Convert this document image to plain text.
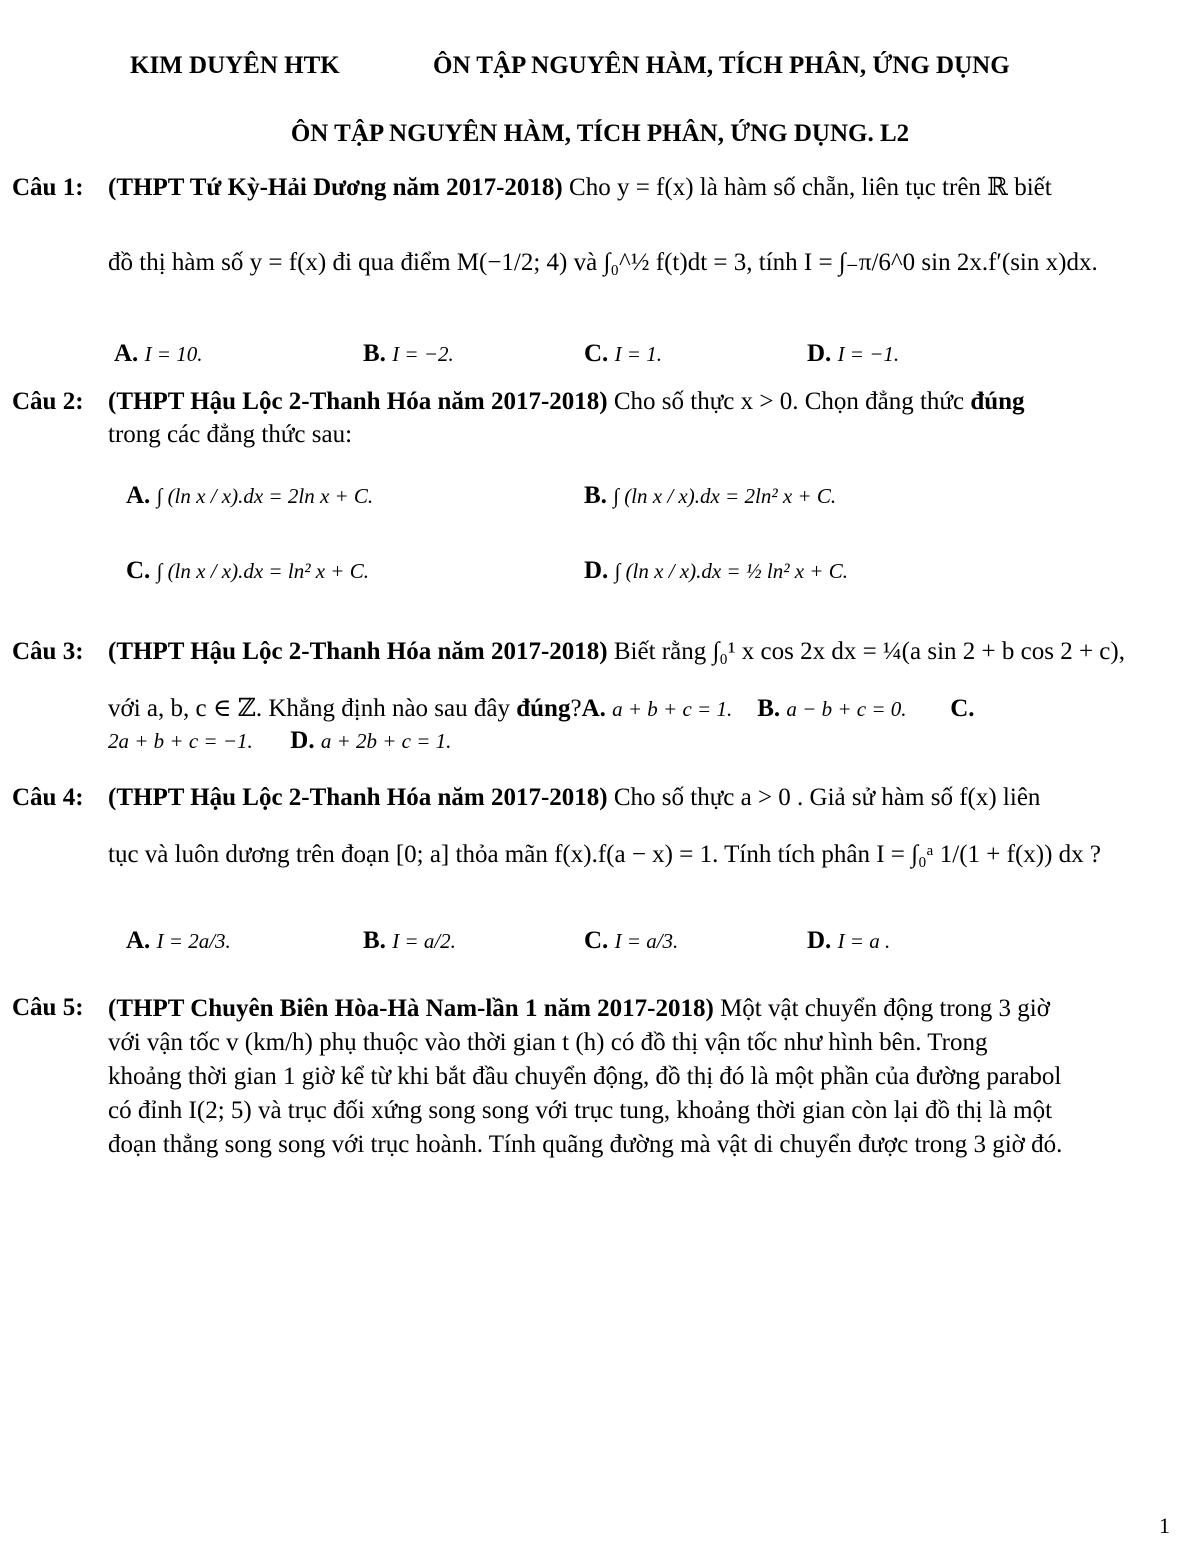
KIM DUYÊN HTK	ÔN TẬP NGUYÊN HÀM, TÍCH PHÂN, ỨNG DỤNG
ÔN TẬP NGUYÊN HÀM, TÍCH PHÂN, ỨNG DỤNG. L2
Câu 1: (THPT Tứ Kỳ-Hải Dương năm 2017-2018) Cho y = f(x) là hàm số chẵn, liên tục trên ℝ biết
đồ thị hàm số y = f(x) đi qua điểm M(−1/2; 4) và ∫₀^½ f(t)dt = 3, tính I = ∫₋π/6^0 sin 2x.f′(sin x)dx.
A. I = 10.	B. I = −2.	C. I = 1.	D. I = −1.
Câu 2: (THPT Hậu Lộc 2-Thanh Hóa năm 2017-2018) Cho số thực x > 0. Chọn đẳng thức đúng
trong các đẳng thức sau:
A. ∫ (ln x / x).dx = 2ln x + C.	B. ∫ (ln x / x).dx = 2ln² x + C.
C. ∫ (ln x / x).dx = ln² x + C.	D. ∫ (ln x / x).dx = ½ ln² x + C.
Câu 3: (THPT Hậu Lộc 2-Thanh Hóa năm 2017-2018) Biết rằng ∫₀¹ x cos 2x dx = ¼(a sin 2 + b cos 2 + c),
với a, b, c ∈ ℤ. Khẳng định nào sau đây đúng?A. a + b + c = 1. B. a − b + c = 0. C.
2a + b + c = −1. D. a + 2b + c = 1.
Câu 4: (THPT Hậu Lộc 2-Thanh Hóa năm 2017-2018) Cho số thực a > 0 . Giả sử hàm số f(x) liên
tục và luôn dương trên đoạn [0; a] thỏa mãn f(x).f(a − x) = 1. Tính tích phân I = ∫₀ᵃ 1/(1 + f(x)) dx ?
A. I = 2a/3.	B. I = a/2.	C. I = a/3.	D. I = a .
Câu 5: (THPT Chuyên Biên Hòa-Hà Nam-lần 1 năm 2017-2018) Một vật chuyển động trong 3 giờ
với vận tốc v (km/h) phụ thuộc vào thời gian t (h) có đồ thị vận tốc như hình bên. Trong
khoảng thời gian 1 giờ kể từ khi bắt đầu chuyển động, đồ thị đó là một phần của đường parabol
có đỉnh I(2; 5) và trục đối xứng song song với trục tung, khoảng thời gian còn lại đồ thị là một
đoạn thẳng song song với trục hoành. Tính quãng đường mà vật di chuyển được trong 3 giờ đó.
1
